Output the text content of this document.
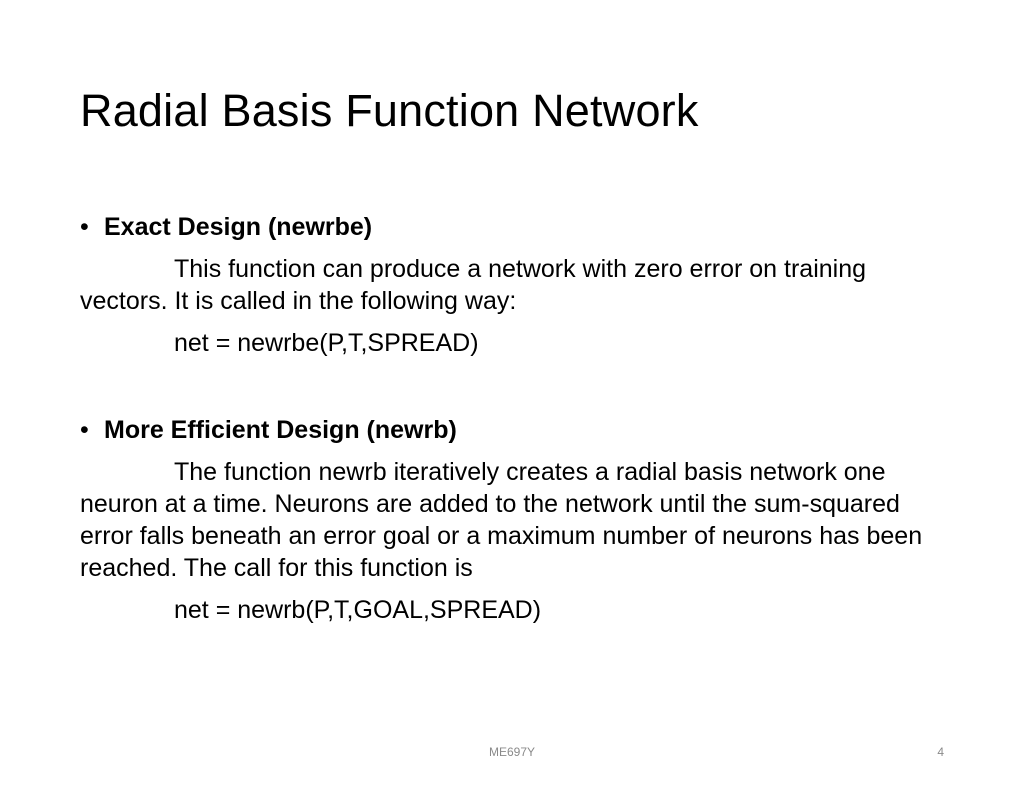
Radial Basis Function Network
• Exact Design (newrbe)
This function can produce a network with zero error on training vectors. It is called in the following way:
net = newrbe(P,T,SPREAD)
• More Efficient Design (newrb)
The function newrb iteratively creates a radial basis network one neuron at a time. Neurons are added to the network until the sum-squared error falls beneath an error goal or a maximum number of neurons has been reached. The call for this function is
net = newrb(P,T,GOAL,SPREAD)
ME697Y	4
